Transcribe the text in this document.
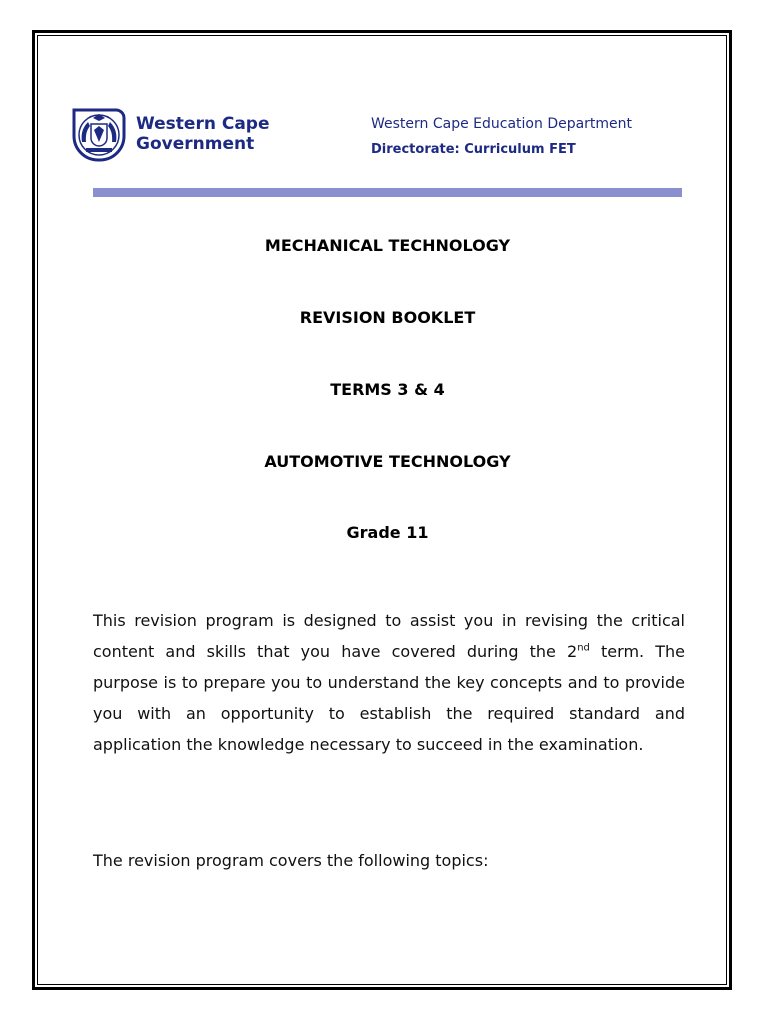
Western Cape
Government
Western Cape Education Department
Directorate: Curriculum FET
MECHANICAL TECHNOLOGY
REVISION BOOKLET
TERMS 3 & 4
AUTOMOTIVE TECHNOLOGY
Grade 11
This revision program is designed to assist you in revising the critical content and skills that you have covered during the 2nd term. The purpose is to prepare you to understand the key concepts and to provide you with an opportunity to establish the required standard and application the knowledge necessary to succeed in the examination.
The revision program covers the following topics:
